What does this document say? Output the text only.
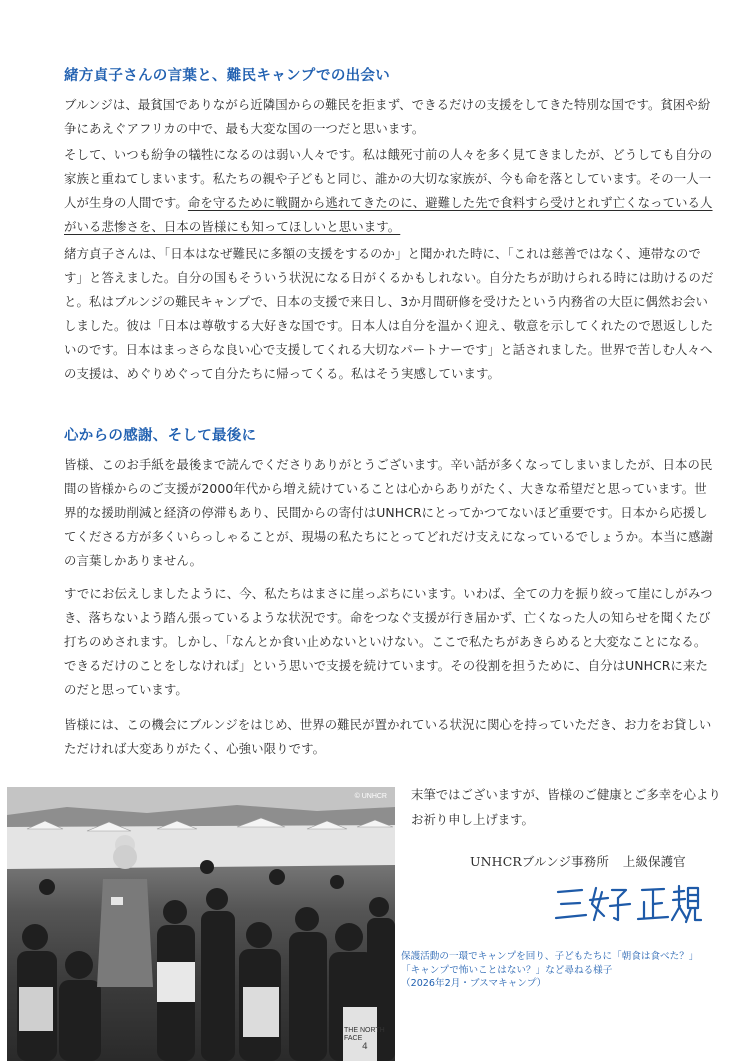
緒方貞子さんの言葉と、難民キャンプでの出会い

ブルンジは、最貧国でありながら近隣国からの難民を拒まず、できるだけの支援をしてきた特別な国です。貧困や紛争にあえぐアフリカの中で、最も大変な国の一つだと思います。

そして、いつも紛争の犠牲になるのは弱い人々です。私は餓死寸前の人々を多く見てきましたが、どうしても自分の家族と重ねてしまいます。私たちの親や子どもと同じ、誰かの大切な家族が、今も命を落としています。その一人一人が生身の人間です。命を守るために戦闘から逃れてきたのに、避難した先で食料すら受けとれず亡くなっている人がいる悲惨さを、日本の皆様にも知ってほしいと思います。

緒方貞子さんは、「日本はなぜ難民に多額の支援をするのか」と聞かれた時に、「これは慈善ではなく、連帯なのです」と答えました。自分の国もそういう状況になる日がくるかもしれない。自分たちが助けられる時には助けるのだと。私はブルンジの難民キャンプで、日本の支援で来日し、3か月間研修を受けたという内務省の大臣に偶然お会いしました。彼は「日本は尊敬する大好きな国です。日本人は自分を温かく迎え、敬意を示してくれたので恩返ししたいのです。日本はまっさらな良い心で支援してくれる大切なパートナーです」と話されました。世界で苦しむ人々への支援は、めぐりめぐって自分たちに帰ってくる。私はそう実感しています。

心からの感謝、そして最後に

皆様、このお手紙を最後まで読んでくださりありがとうございます。辛い話が多くなってしまいましたが、日本の民間の皆様からのご支援が2000年代から増え続けていることは心からありがたく、大きな希望だと思っています。世界的な援助削減と経済の停滞もあり、民間からの寄付はUNHCRにとってかつてないほど重要です。日本から応援してくださる方が多くいらっしゃることが、現場の私たちにとってどれだけ支えになっているでしょうか。本当に感謝の言葉しかありません。

すでにお伝えしましたように、今、私たちはまさに崖っぷちにいます。いわば、全ての力を振り絞って崖にしがみつき、落ちないよう踏ん張っているような状況です。命をつなぐ支援が行き届かず、亡くなった人の知らせを聞くたび打ちのめされます。しかし、「なんとか食い止めないといけない。ここで私たちがあきらめると大変なことになる。できるだけのことをしなければ」という思いで支援を続けています。その役割を担うために、自分はUNHCRに来たのだと思っています。

皆様には、この機会にブルンジをはじめ、世界の難民が置かれている状況に関心を持っていただき、お力をお貸しいただければ大変ありがたく、心強い限りです。

© UNHCR
THE NORTH FACE

末筆ではございますが、皆様のご健康とご多幸を心よりお祈り申し上げます。

UNHCRブルンジ事務所 上級保護官
保護活動の一環でキャンプを回り、子どもたちに「朝食は食べた？」
「キャンプで怖いことはない？」など尋ねる様子
（2026年2月・ブスマキャンプ）
4
